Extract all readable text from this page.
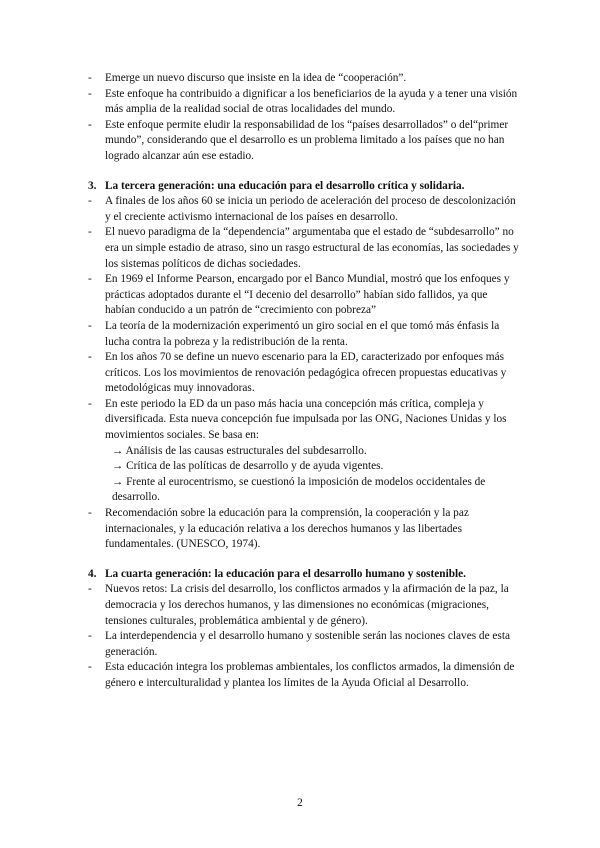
- Emerge un nuevo discurso que insiste en la idea de “cooperación”.
- Este enfoque ha contribuido a dignificar a los beneficiarios de la ayuda y a tener una visión más amplia de la realidad social de otras localidades del mundo.
- Este enfoque permite eludir la responsabilidad de los “países desarrollados” o del“primer mundo”, considerando que el desarrollo es un problema limitado a los países que no han logrado alcanzar aún ese estadio.
3. La tercera generación: una educación para el desarrollo crítica y solidaria.
- A finales de los años 60 se inicia un periodo de aceleración del proceso de descolonización y el creciente activismo internacional de los países en desarrollo.
- El nuevo paradigma de la “dependencia” argumentaba que el estado de “subdesarrollo” no era un simple estadio de atraso, sino un rasgo estructural de las economías, las sociedades y los sistemas políticos de dichas sociedades.
- En 1969 el Informe Pearson, encargado por el Banco Mundial, mostró que los enfoques y prácticas adoptados durante el “I decenio del desarrollo” habían sido fallidos, ya que habían conducido a un patrón de “crecimiento con pobreza”
- La teoría de la modernización experimentó un giro social en el que tomó más énfasis la lucha contra la pobreza y la redistribución de la renta.
- En los años 70 se define un nuevo escenario para la ED, caracterizado por enfoques más críticos. Los los movimientos de renovación pedagógica ofrecen propuestas educativas y metodológicas muy innovadoras.
- En este periodo la ED da un paso más hacia una concepción más crítica, compleja y diversificada. Esta nueva concepción fue impulsada por las ONG, Naciones Unidas y los movimientos sociales. Se basa en:
→ Análisis de las causas estructurales del subdesarrollo.
→ Crítica de las políticas de desarrollo y de ayuda vigentes.
→ Frente al eurocentrismo, se cuestionó la imposición de modelos occidentales de desarrollo.
- Recomendación sobre la educación para la comprensión, la cooperación y la paz internacionales, y la educación relativa a los derechos humanos y las libertades fundamentales. (UNESCO, 1974).
4. La cuarta generación: la educación para el desarrollo humano y sostenible.
- Nuevos retos: La crisis del desarrollo, los conflictos armados y la afirmación de la paz, la democracia y los derechos humanos, y las dimensiones no económicas (migraciones, tensiones culturales, problemática ambiental y de género).
- La interdependencia y el desarrollo humano y sostenible serán las nociones claves de esta generación.
- Esta educación integra los problemas ambientales, los conflictos armados, la dimensión de género e interculturalidad y plantea los límites de la Ayuda Oficial al Desarrollo.
2
